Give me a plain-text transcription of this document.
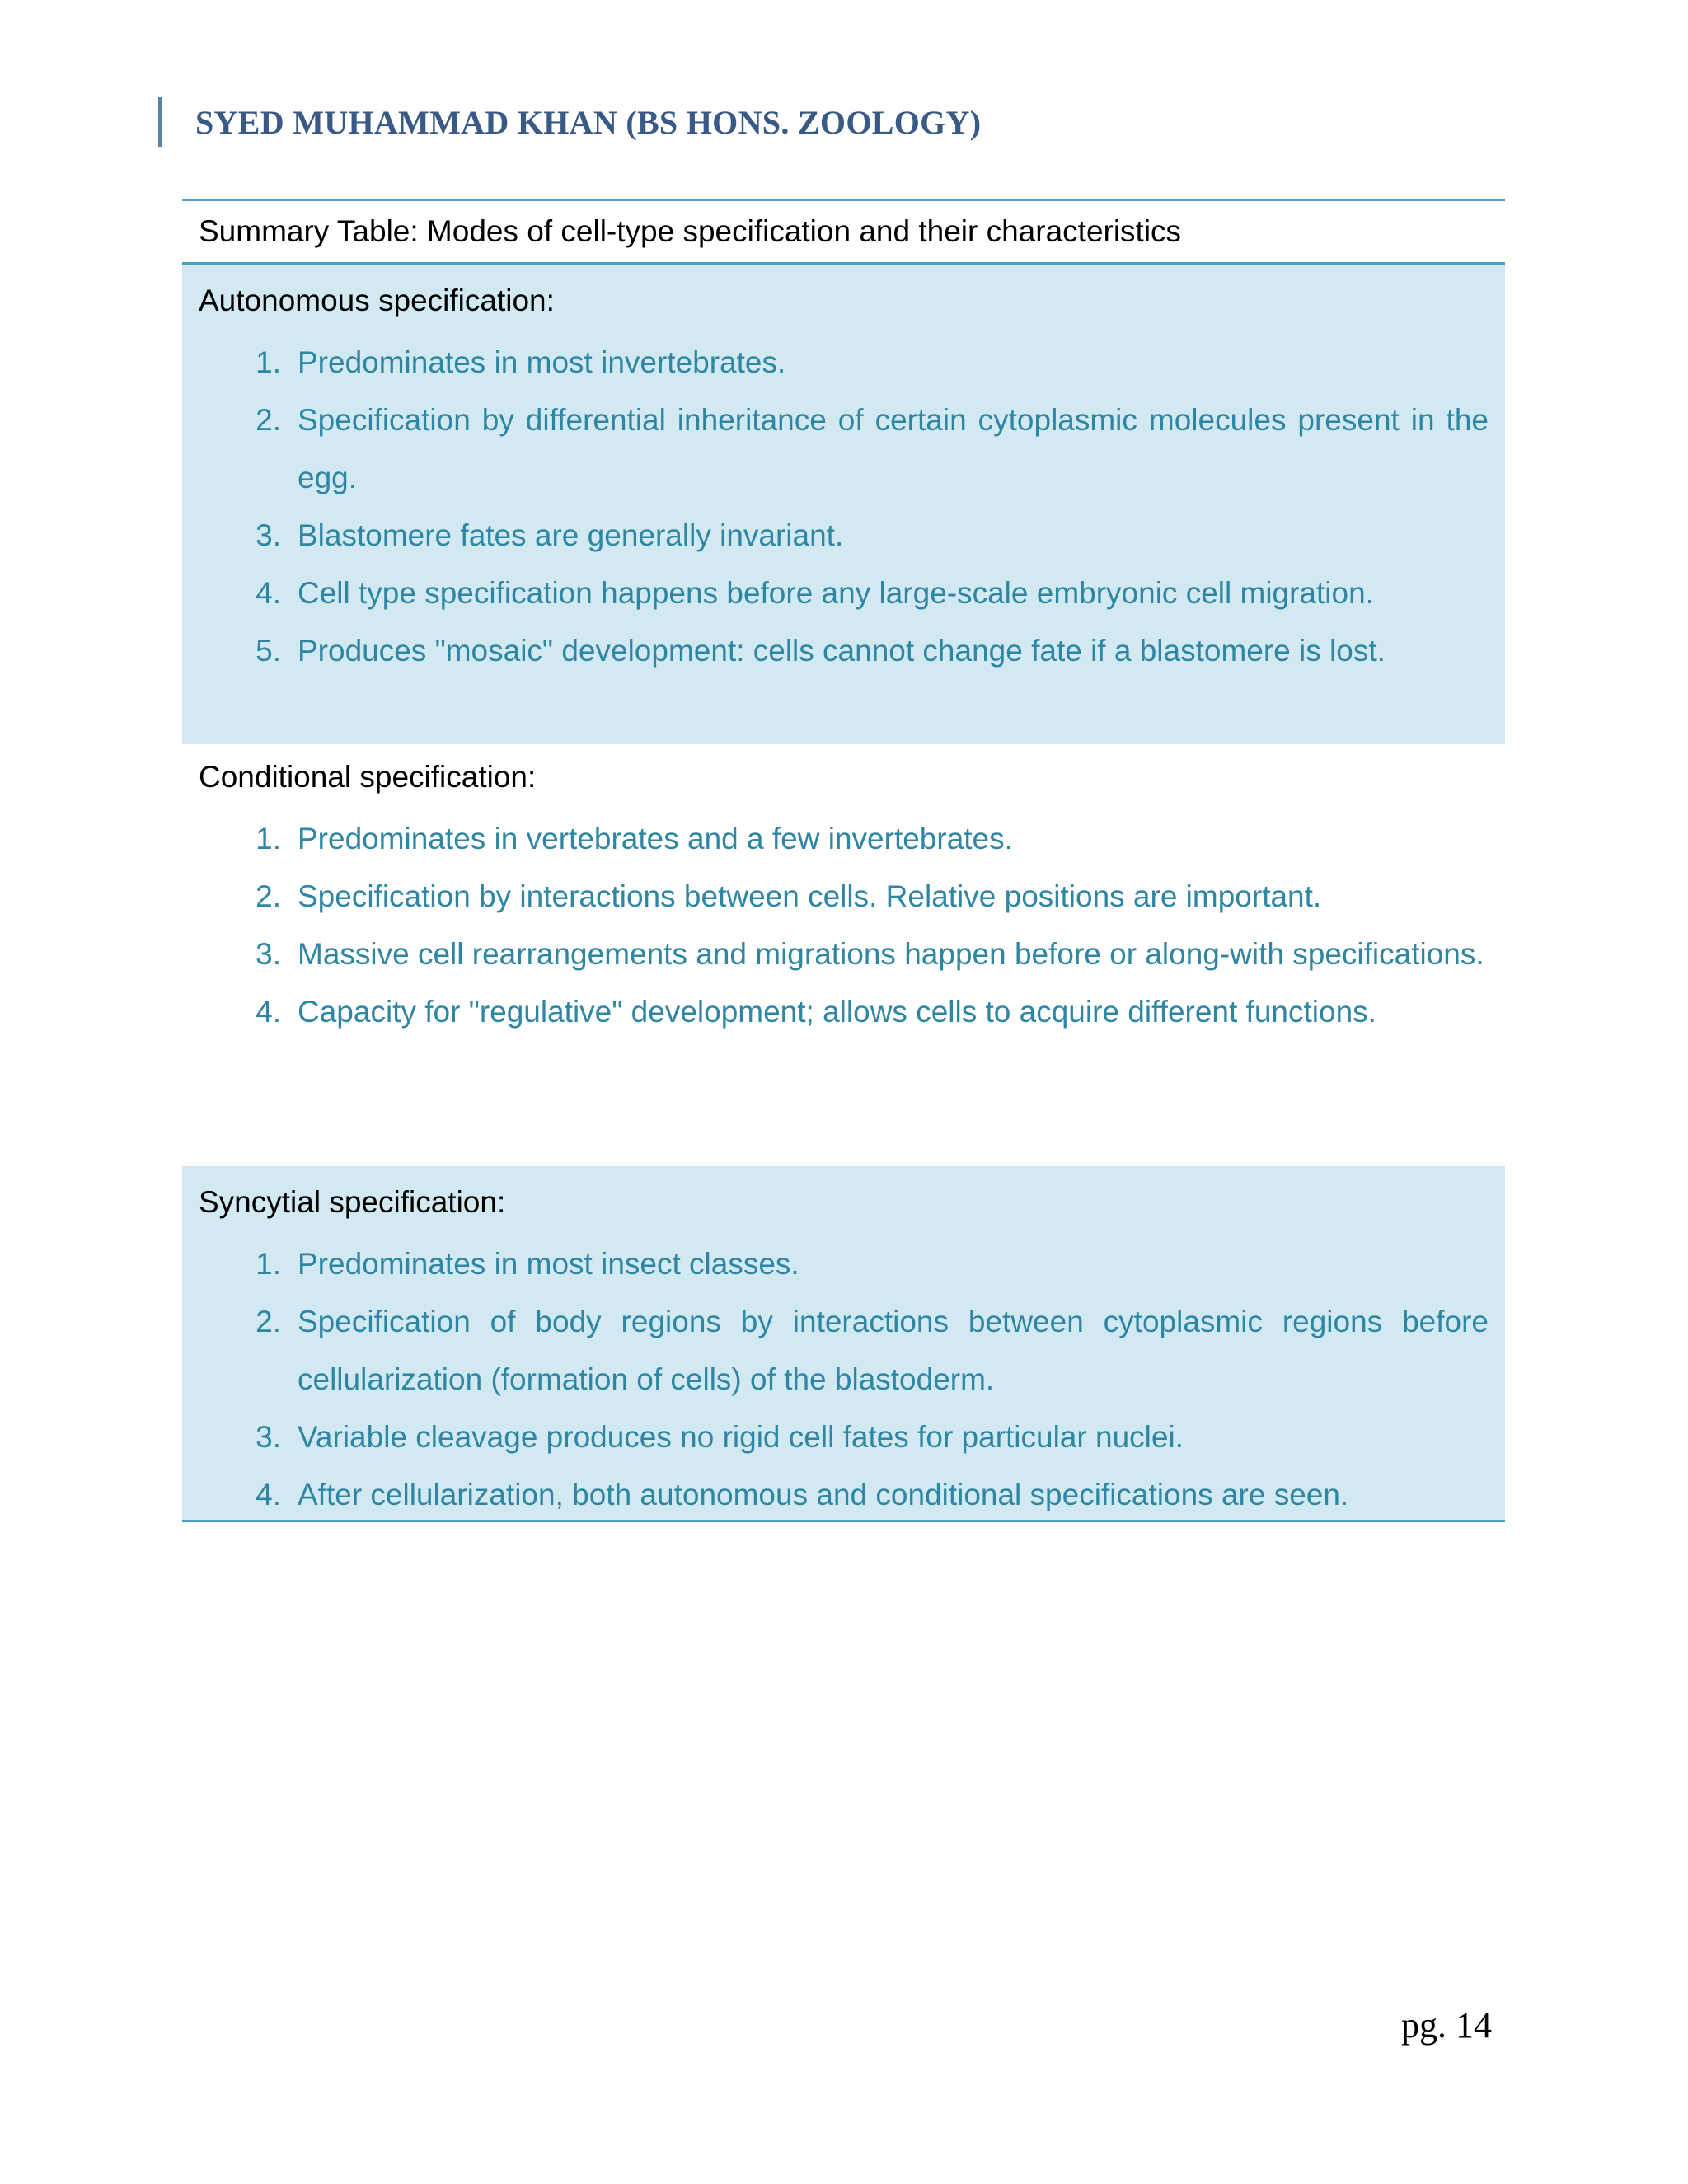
SYED MUHAMMAD KHAN (BS HONS. ZOOLOGY)
Summary Table: Modes of cell-type specification and their characteristics
Autonomous specification:
1. Predominates in most invertebrates.
2. Specification by differential inheritance of certain cytoplasmic molecules present in the egg.
3. Blastomere fates are generally invariant.
4. Cell type specification happens before any large-scale embryonic cell migration.
5. Produces "mosaic" development: cells cannot change fate if a blastomere is lost.
Conditional specification:
1. Predominates in vertebrates and a few invertebrates.
2. Specification by interactions between cells. Relative positions are important.
3. Massive cell rearrangements and migrations happen before or along-with specifications.
4. Capacity for "regulative" development; allows cells to acquire different functions.
Syncytial specification:
1. Predominates in most insect classes.
2. Specification of body regions by interactions between cytoplasmic regions before cellularization (formation of cells) of the blastoderm.
3. Variable cleavage produces no rigid cell fates for particular nuclei.
4. After cellularization, both autonomous and conditional specifications are seen.
pg. 14
